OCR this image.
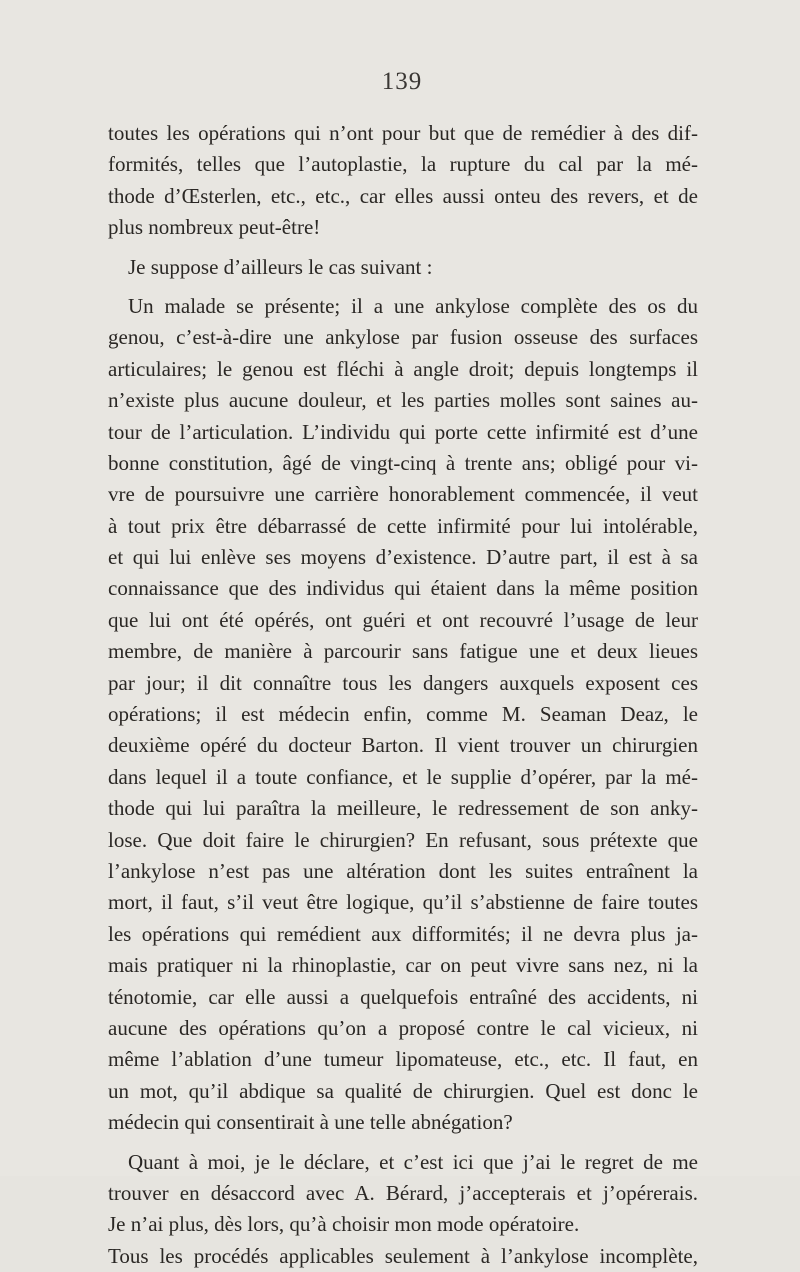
139
toutes les opérations qui n’ont pour but que de remédier à des dif-
formités, telles que l’autoplastie, la rupture du cal par la mé-
thode d’Œsterlen, etc., etc., car elles aussi onteu des revers, et de
plus nombreux peut-être!
Je suppose d’ailleurs le cas suivant :
Un malade se présente; il a une ankylose complète des os du
genou, c’est-à-dire une ankylose par fusion osseuse des surfaces
articulaires; le genou est fléchi à angle droit; depuis longtemps il
n’existe plus aucune douleur, et les parties molles sont saines au-
tour de l’articulation. L’individu qui porte cette infirmité est d’une
bonne constitution, âgé de vingt-cinq à trente ans; obligé pour vi-
vre de poursuivre une carrière honorablement commencée, il veut
à tout prix être débarrassé de cette infirmité pour lui intolérable,
et qui lui enlève ses moyens d’existence. D’autre part, il est à sa
connaissance que des individus qui étaient dans la même position
que lui ont été opérés, ont guéri et ont recouvré l’usage de leur
membre, de manière à parcourir sans fatigue une et deux lieues
par jour; il dit connaître tous les dangers auxquels exposent ces
opérations; il est médecin enfin, comme M. Seaman Deaz, le
deuxième opéré du docteur Barton. Il vient trouver un chirurgien
dans lequel il a toute confiance, et le supplie d’opérer, par la mé-
thode qui lui paraîtra la meilleure, le redressement de son anky-
lose. Que doit faire le chirurgien? En refusant, sous prétexte que
l’ankylose n’est pas une altération dont les suites entraînent la
mort, il faut, s’il veut être logique, qu’il s’abstienne de faire toutes
les opérations qui remédient aux difformités; il ne devra plus ja-
mais pratiquer ni la rhinoplastie, car on peut vivre sans nez, ni la
ténotomie, car elle aussi a quelquefois entraîné des accidents, ni
aucune des opérations qu’on a proposé contre le cal vicieux, ni
même l’ablation d’une tumeur lipomateuse, etc., etc. Il faut, en
un mot, qu’il abdique sa qualité de chirurgien. Quel est donc le
médecin qui consentirait à une telle abnégation?
Quant à moi, je le déclare, et c’est ici que j’ai le regret de me
trouver en désaccord avec A. Bérard, j’accepterais et j’opérerais.
Je n’ai plus, dès lors, qu’à choisir mon mode opératoire.
Tous les procédés applicables seulement à l’ankylose incomplète,
